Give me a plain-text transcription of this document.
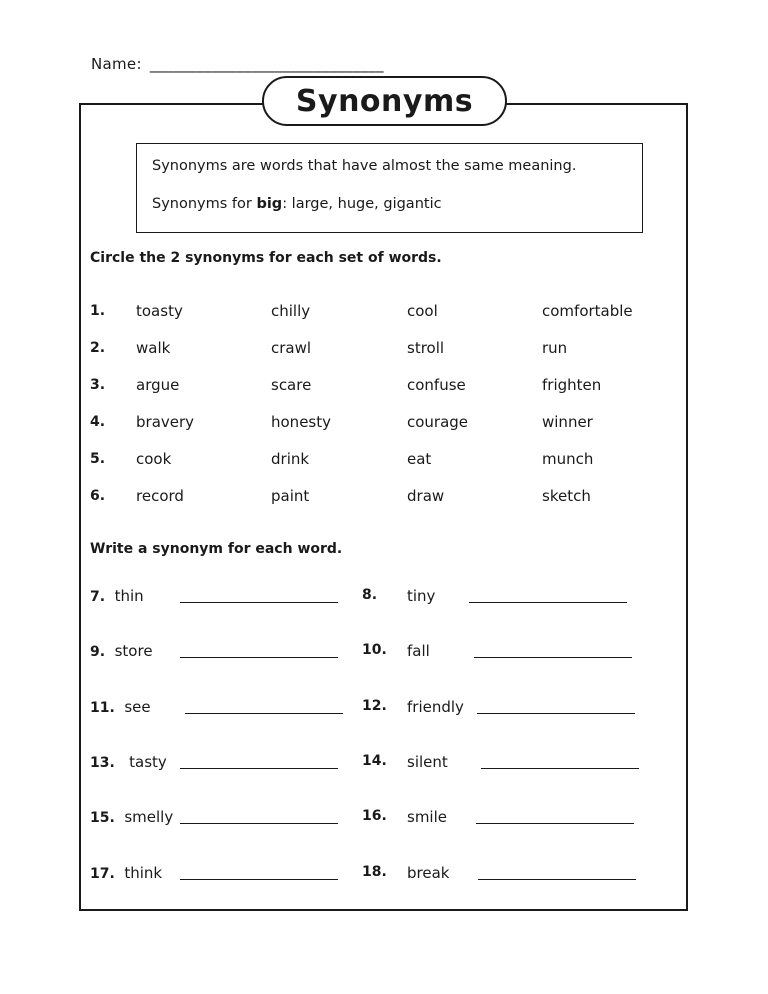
Name: ______________________________
Synonyms
Synonyms are words that have almost the same meaning.
Synonyms for big: large, huge, gigantic
Circle the 2 synonyms for each set of words.
1. toasty	chilly	cool	comfortable
2. walk	crawl	stroll	run
3. argue	scare	confuse	frighten
4. bravery	honesty	courage	winner
5. cook	drink	eat	munch
6. record	paint	draw	sketch
Write a synonym for each word.
7. thin	8. tiny
9. store	10. fall
11. see	12. friendly
13. tasty	14. silent
15. smelly	16. smile
17. think	18. break
